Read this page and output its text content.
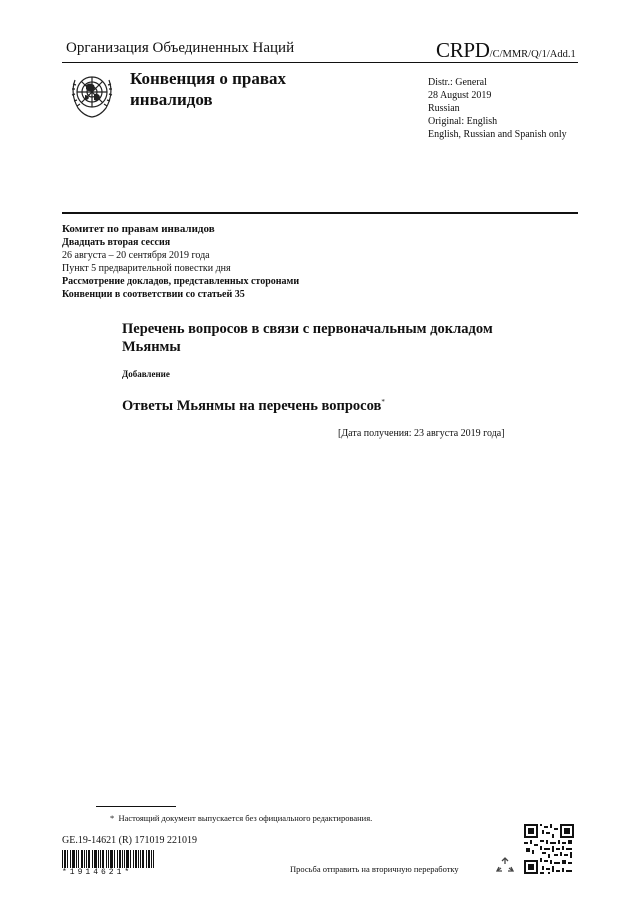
Организация Объединенных Наций	CRPD/C/MMR/Q/1/Add.1
Конвенция о правах инвалидов
Distr.: General
28 August 2019
Russian
Original: English
English, Russian and Spanish only
Комитет по правам инвалидов
Двадцать вторая сессия
26 августа – 20 сентября 2019 года
Пункт 5 предварительной повестки дня
Рассмотрение докладов, представленных сторонами
Конвенции в соответствии со статьей 35
Перечень вопросов в связи с первоначальным докладом Мьянмы
Добавление
Ответы Мьянмы на перечень вопросов*
[Дата получения: 23 августа 2019 года]
* Настоящий документ выпускается без официального редактирования.
GE.19-14621 (R) 171019 221019
*1914621*	Просьба отправить на вторичную переработку
